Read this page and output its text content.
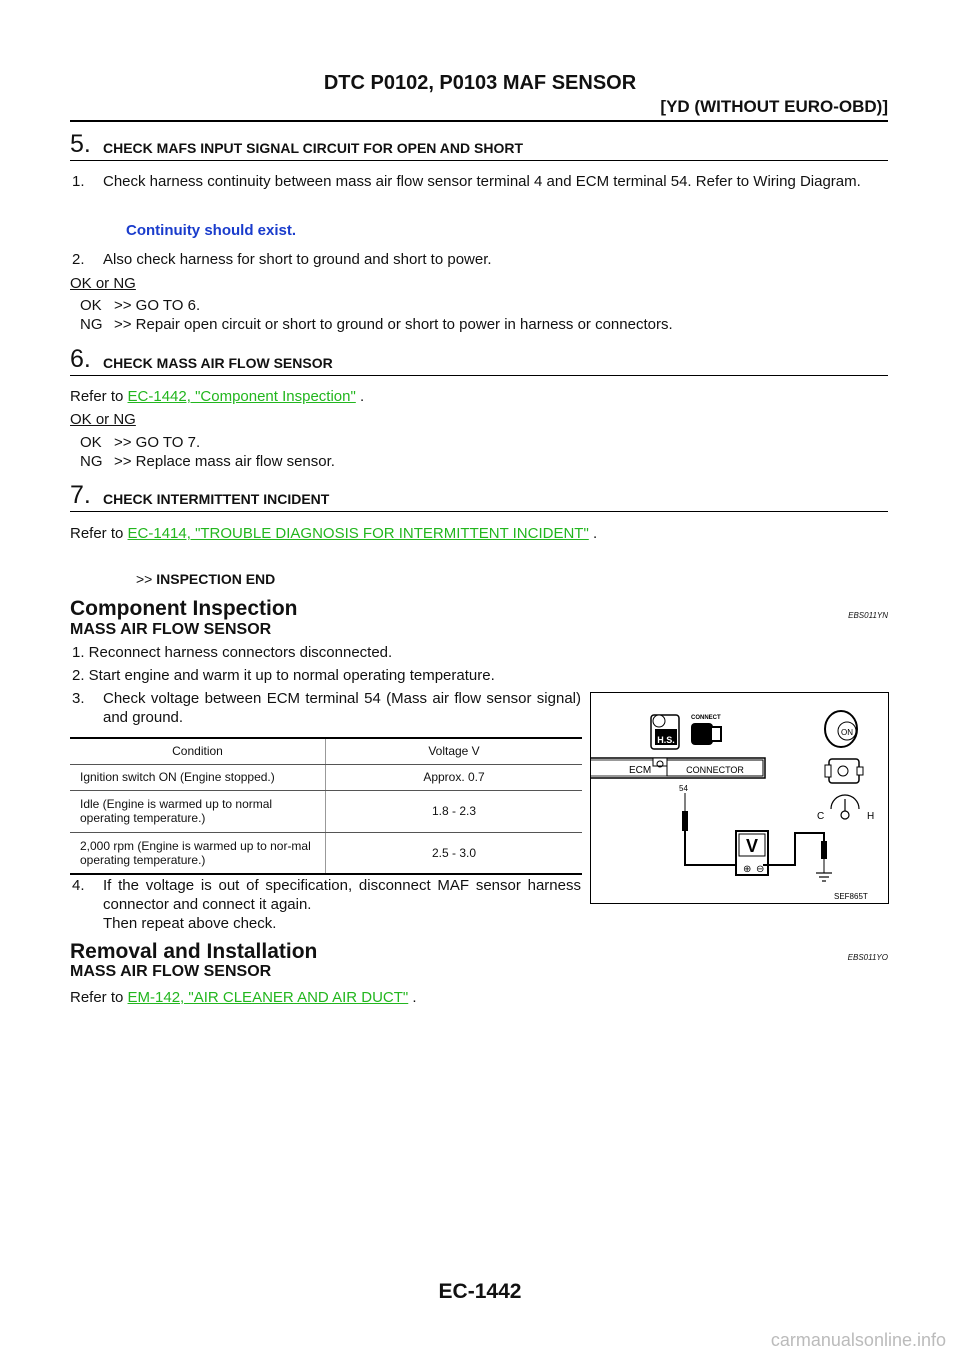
DTC P0102, P0103 MAF SENSOR
[YD (WITHOUT EURO-OBD)]
5. CHECK MAFS INPUT SIGNAL CIRCUIT FOR OPEN AND SHORT
1. Check harness continuity between mass air flow sensor terminal 4 and ECM terminal 54. Refer to Wiring Diagram.
Continuity should exist.
2. Also check harness for short to ground and short to power.
OK or NG
OK >> GO TO 6.
NG >> Repair open circuit or short to ground or short to power in harness or connectors.
6. CHECK MASS AIR FLOW SENSOR
Refer to EC-1442, "Component Inspection" .
OK or NG
OK >> GO TO 7.
NG >> Replace mass air flow sensor.
7. CHECK INTERMITTENT INCIDENT
Refer to EC-1414, "TROUBLE DIAGNOSIS FOR INTERMITTENT INCIDENT" .
>> INSPECTION END
Component Inspection	EBS011YN
MASS AIR FLOW SENSOR
1. Reconnect harness connectors disconnected.
2. Start engine and warm it up to normal operating temperature.
3. Check voltage between ECM terminal 54 (Mass air flow sensor signal) and ground.
Condition	Voltage V
Ignition switch ON (Engine stopped.)	Approx. 0.7
Idle (Engine is warmed up to normal operating temperature.)	1.8 - 2.3
2,000 rpm (Engine is warmed up to nor-mal operating temperature.)	2.5 - 3.0
4. If the voltage is out of specification, disconnect MAF sensor harness connector and connect it again.
Then repeat above check.
H.S.
CONNECT
ECM	CONNECTOR
54
V
⊕ ⊖
ON
C	H
SEF865T
Removal and Installation	EBS011YO
MASS AIR FLOW SENSOR
Refer to EM-142, "AIR CLEANER AND AIR DUCT" .
EC-1442
carmanualsonline.info
